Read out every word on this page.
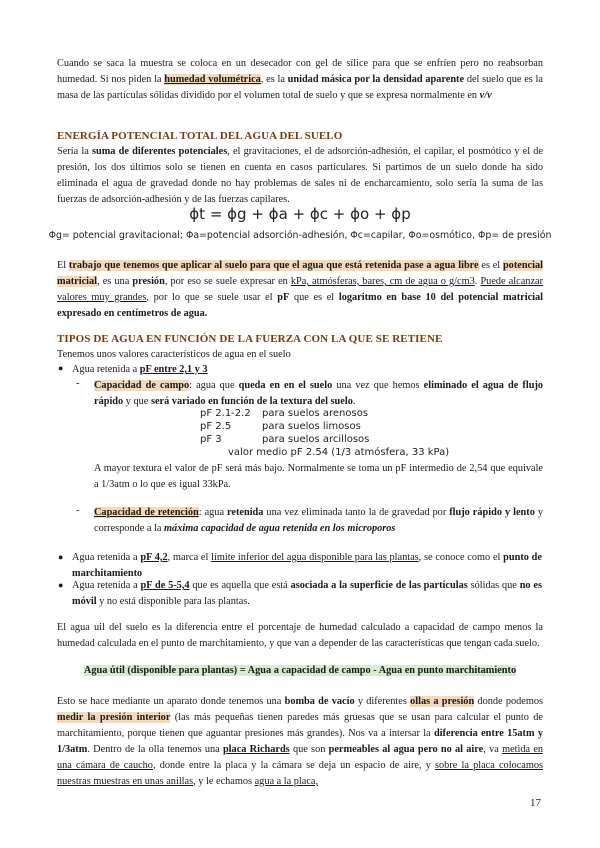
Cuando se saca la muestra se coloca en un desecador con gel de sílice para que se enfríen pero no reabsorban humedad. Si nos piden la humedad volumétrica, es la unidad másica por la densidad aparente del suelo que es la masa de las partículas sólidas dividido por el volumen total de suelo y que se expresa normalmente en v/v

ENERGÍA POTENCIAL TOTAL DEL AGUA DEL SUELO

Sería la suma de diferentes potenciales, el gravitaciones, el de adsorción-adhesión, el capilar, el posmótico y el de presión, los dos últimos solo se tienen en cuenta en casos particulares. Si partimos de un suelo donde ha sido eliminada el agua de gravedad donde no hay problemas de sales ni de encharcamiento, solo sería la suma de las fuerzas de adsorción-adhesión y de las fuerzas capilares.

ϕt = ϕg + ϕa + ϕc + ϕo + ϕp
Φg= potencial gravitacional; Φa=potencial adsorción-adhesión, Φc=capilar, Φo=osmótico, Φp= de presión

El trabajo que tenemos que aplicar al suelo para que el agua que está retenida pase a agua libre es el potencial matricial, es una presión, por eso se suele expresar en kPa, atmósferas, bares, cm de agua o g/cm3. Puede alcanzar valores muy grandes, por lo que se suele usar el pF que es el logaritmo en base 10 del potencial matricial expresado en centímetros de agua.

TIPOS DE AGUA EN FUNCIÓN DE LA FUERZA CON LA QUE SE RETIENE
Tenemos unos valores característicos de agua en el suelo
● Agua retenida a pF entre 2,1 y 3
- Capacidad de campo: agua que queda en en el suelo una vez que hemos eliminado el agua de flujo rápido y que será variado en función de la textura del suelo.

pF 2.1-2.2 para suelos arenosos
pF 2.5	para suelos limosos
pF 3	para suelos arcillosos
valor medio pF 2.54 (1/3 atmósfera, 33 kPa)
A mayor textura el valor de pF será más bajo. Normalmente se toma un pF intermedio de 2,54 que equivale a 1/3atm o lo que es igual 33kPa.
- Capacidad de retención: agua retenida una vez eliminada tanto la de gravedad por flujo rápido y lento y corresponde a la máxima capacidad de agua retenida en los microporos

● Agua retenida a pF 4,2, marca el límite inferior del agua disponible para las plantas, se conoce como el punto de marchitamiento

● Agua retenida a pF de 5-5,4 que es aquella que está asociada a la superficie de las partículas sólidas que no es móvil y no está disponible para las plantas.

El agua uil del suelo es la diferencia entre el porcentaje de humedad calculado a capacidad de campo menos la humedad calculada en el punto de marchitamiento, y que van a depender de las características que tengan cada suelo.
Agua útil (disponible para plantas) = Agua a capacidad de campo - Agua en punto marchitamiento

Esto se hace mediante un aparato donde tenemos una bomba de vacío y diferentes ollas a presión donde podemos medir la presión interior (las más pequeñas tienen paredes más gruesas que se usan para calcular el punto de marchitamiento, porque tienen que aguantar presiones más grandes). Nos va a intersar la diferencia entre 15atm y 1/3atm. Dentro de la olla tenemos una placa Richards que son permeables al agua pero no al aire, va metida en una cámara de caucho, donde entre la placa y la cámara se deja un espacio de aire, y sobre la placa colocamos nuestras muestras en unas anillas, y le echamos agua a la placa,

17
